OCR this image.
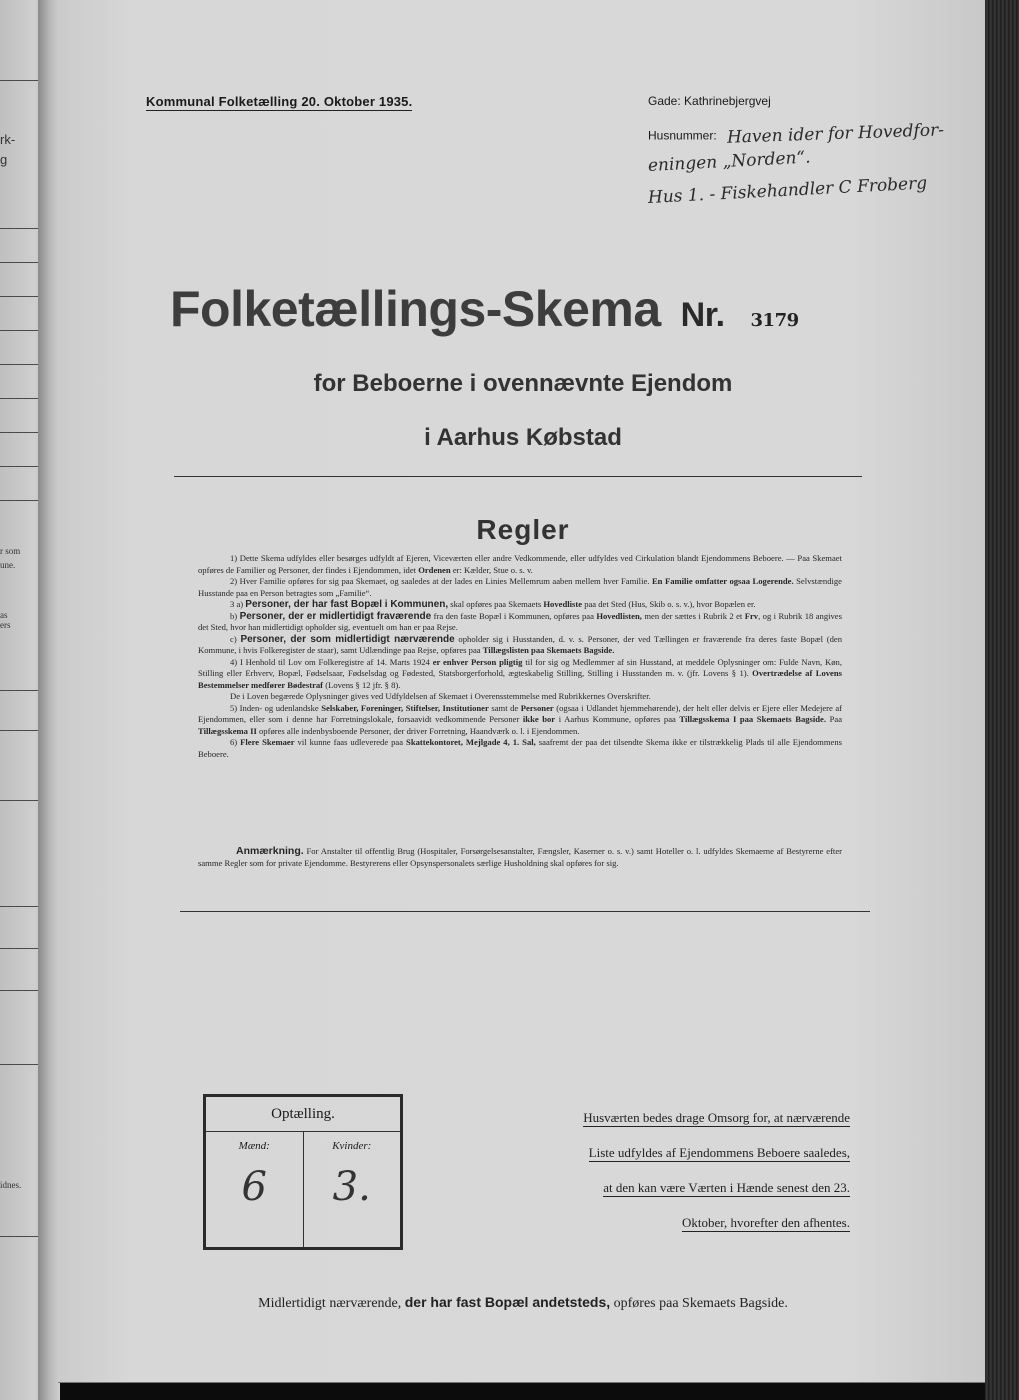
rk-
g
r som
une.
as
ers
idnes.
Kommunal Folketælling 20. Oktober 1935.	Gade: Kathrinebjergvej
Husnummer: Haven ider for Hovedfor-
eningen „Norden“.
Hus 1. - Fiskehandler C Froberg
Folketællings-Skema Nr. 3179
for Beboerne i ovennævnte Ejendom
i Aarhus Købstad
Regler

1) Dette Skema udfyldes eller besørges udfyldt af Ejeren, Viceværten eller andre Vedkommende, eller udfyldes ved Cirkulation blandt Ejendommens Beboere. — Paa Skemaet opføres de Familier og Personer, der findes i Ejendommen, idet Ordenen er: Kælder, Stue o. s. v.

2) Hver Familie opføres for sig paa Skemaet, og saaledes at der lades en Linies Mellemrum aaben mellem hver Familie. En Familie omfatter ogsaa Logerende. Selvstændige Husstande paa en Person betragtes som „Familie“.

3 a) Personer, der har fast Bopæl i Kommunen, skal opføres paa Skemaets Hovedliste paa det Sted (Hus, Skib o. s. v.), hvor Bopælen er.

b) Personer, der er midlertidigt fraværende fra den faste Bopæl i Kommunen, opføres paa Hovedlisten, men der sættes i Rubrik 2 et Frv, og i Rubrik 18 angives det Sted, hvor han midlertidigt opholder sig, eventuelt om han er paa Rejse.

c) Personer, der som midlertidigt nærværende opholder sig i Husstanden, d. v. s. Personer, der ved Tællingen er fraværende fra deres faste Bopæl (den Kommune, i hvis Folkeregister de staar), samt Udlændinge paa Rejse, opføres paa Tillægslisten paa Skemaets Bagside.

4) I Henhold til Lov om Folkeregistre af 14. Marts 1924 er enhver Person pligtig til for sig og Medlemmer af sin Husstand, at meddele Oplysninger om: Fulde Navn, Køn, Stilling eller Erhverv, Bopæl, Fødselsaar, Fødselsdag og Fødested, Statsborgerforhold, ægteskabelig Stilling, Stilling i Husstanden m. v. (jfr. Lovens § 1). Overtrædelse af Lovens Bestemmelser medfører Bødestraf (Lovens § 12 jfr. § 8).

De i Loven begærede Oplysninger gives ved Udfyldelsen af Skemaet i Overensstemmelse med Rubrikkernes Overskrifter.

5) Inden- og udenlandske Selskaber, Foreninger, Stiftelser, Institutioner samt de Personer (ogsaa i Udlandet hjemmehørende), der helt eller delvis er Ejere eller Medejere af Ejendommen, eller som i denne har Forretningslokale, forsaavidt vedkommende Personer ikke bor i Aarhus Kommune, opføres paa Tillægsskema I paa Skemaets Bagside. Paa Tillægsskema II opføres alle indenbysboende Personer, der driver Forretning, Haandværk o. l. i Ejendommen.

6) Flere Skemaer vil kunne faas udleverede paa Skattekontoret, Mejlgade 4, 1. Sal, saafremt der paa det tilsendte Skema ikke er tilstrækkelig Plads til alle Ejendommens Beboere.

Anmærkning. For Anstalter til offentlig Brug (Hospitaler, Forsørgelsesanstalter, Fængsler, Kaserner o. s. v.) samt Hoteller o. l. udfyldes Skemaerne af Bestyrerne efter samme Regler som for private Ejendomme. Bestyrerens eller Opsynspersonalets særlige Husholdning skal opføres for sig.
Optælling.
Mænd:
6
Kvinder:
3.
Husværten bedes drage Omsorg for, at nærværende
Liste udfyldes af Ejendommens Beboere saaledes,
at den kan være Værten i Hænde senest den 23.
Oktober, hvorefter den afhentes.
Midlertidigt nærværende, der har fast Bopæl andetsteds, opføres paa Skemaets Bagside.
